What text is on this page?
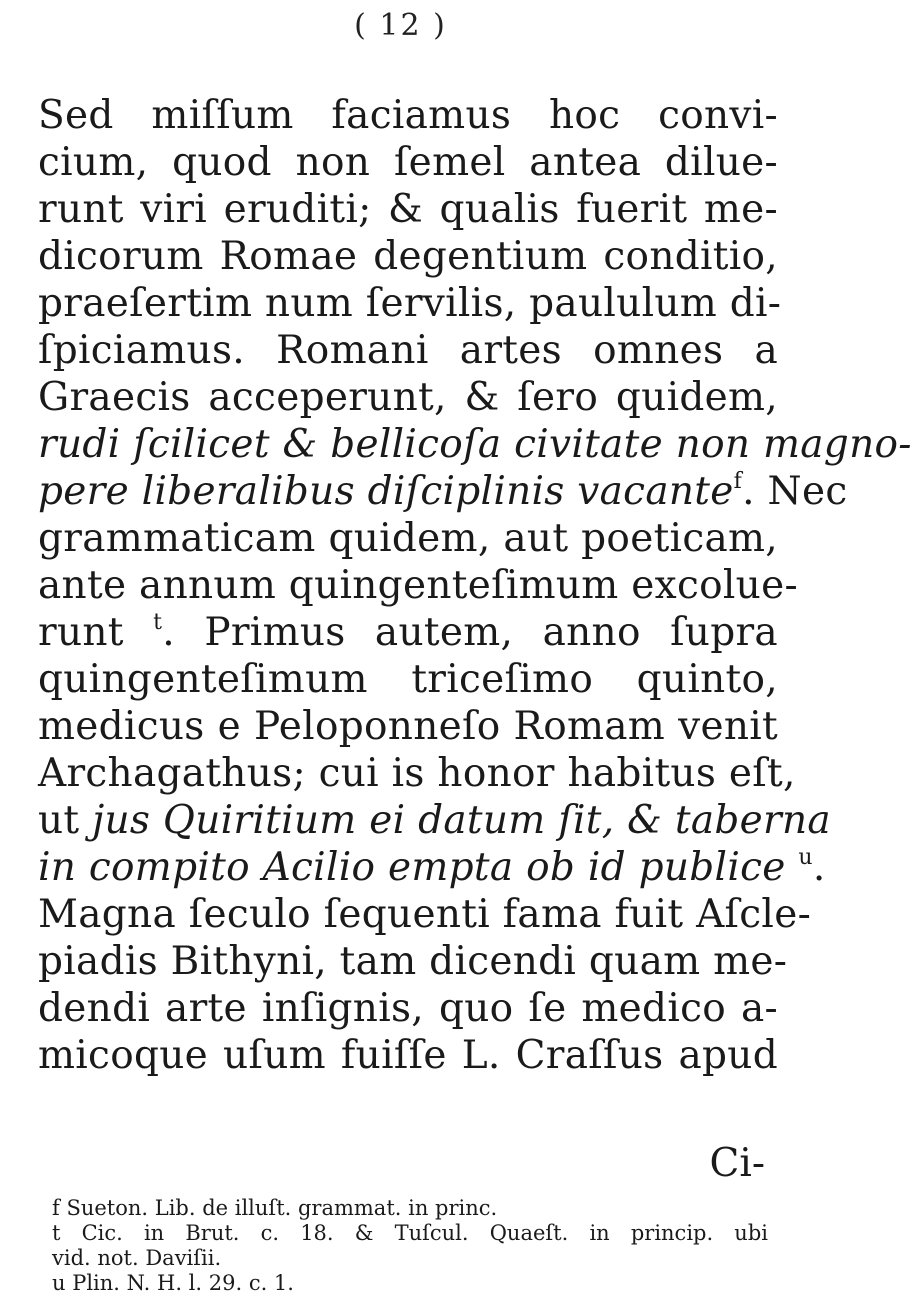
( 12 )
Sed miſſum faciamus hoc convi-
cium, quod non ſemel antea dilue-
runt viri eruditi; & qualis fuerit me-
dicorum Romae degentium conditio,
praeſertim num ſervilis, paululum di-
ſpiciamus. Romani artes omnes a
Graecis acceperunt, & ſero quidem,
rudi ſcilicet & bellicoſa civitate non magno-
pere liberalibus diſciplinis vacante$^f$. Nec
grammaticam quidem, aut poeticam,
ante annum quingenteſimum excolue-
runt $^t$. Primus autem, anno ſupra
quingenteſimum triceſimo quinto,
medicus e Peloponneſo Romam venit
Archagathus; cui is honor habitus eſt,
ut jus Quiritium ei datum ſit, & taberna
in compito Acilio empta ob id publice $^u$.
Magna ſeculo ſequenti fama fuit Aſcle-
piadis Bithyni, tam dicendi quam me-
dendi arte inſignis, quo ſe medico a-
micoque uſum fuiſſe L. Craſſus apud
Ci-
f Sueton. Lib. de illuſt. grammat. in princ.
t Cic. in Brut. c. 18. & Tuſcul. Quaeſt. in princip. ubi
vid. not. Daviſii.
u Plin. N. H. l. 29. c. 1.
